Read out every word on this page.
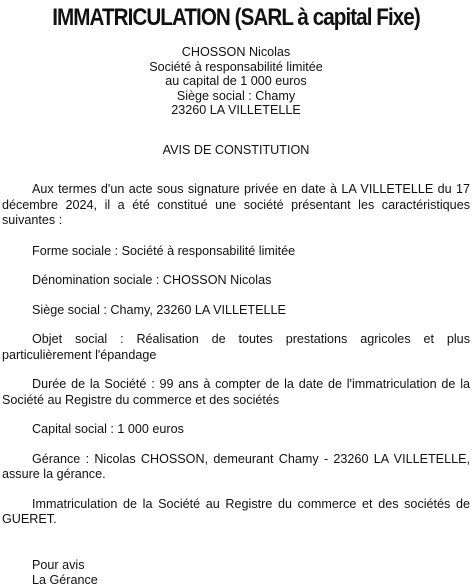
IMMATRICULATION (SARL à capital Fixe)
CHOSSON Nicolas
Société à responsabilité limitée
au capital de 1 000 euros
Siège social : Chamy
23260 LA VILLETELLE
AVIS DE CONSTITUTION

Aux termes d'un acte sous signature privée en date à LA VILLETELLE du 17 décembre 2024, il a été constitué une société présentant les caractéristiques suivantes :

Forme sociale : Société à responsabilité limitée

Dénomination sociale : CHOSSON Nicolas

Siège social : Chamy, 23260 LA VILLETELLE

Objet social : Réalisation de toutes prestations agricoles et plus particulièrement l'épandage

Durée de la Société : 99 ans à compter de la date de l'immatriculation de la Société au Registre du commerce et des sociétés

Capital social : 1 000 euros

Gérance : Nicolas CHOSSON, demeurant Chamy - 23260 LA VILLETELLE, assure la gérance.

Immatriculation de la Société au Registre du commerce et des sociétés de GUERET.

Pour avis
La Gérance
